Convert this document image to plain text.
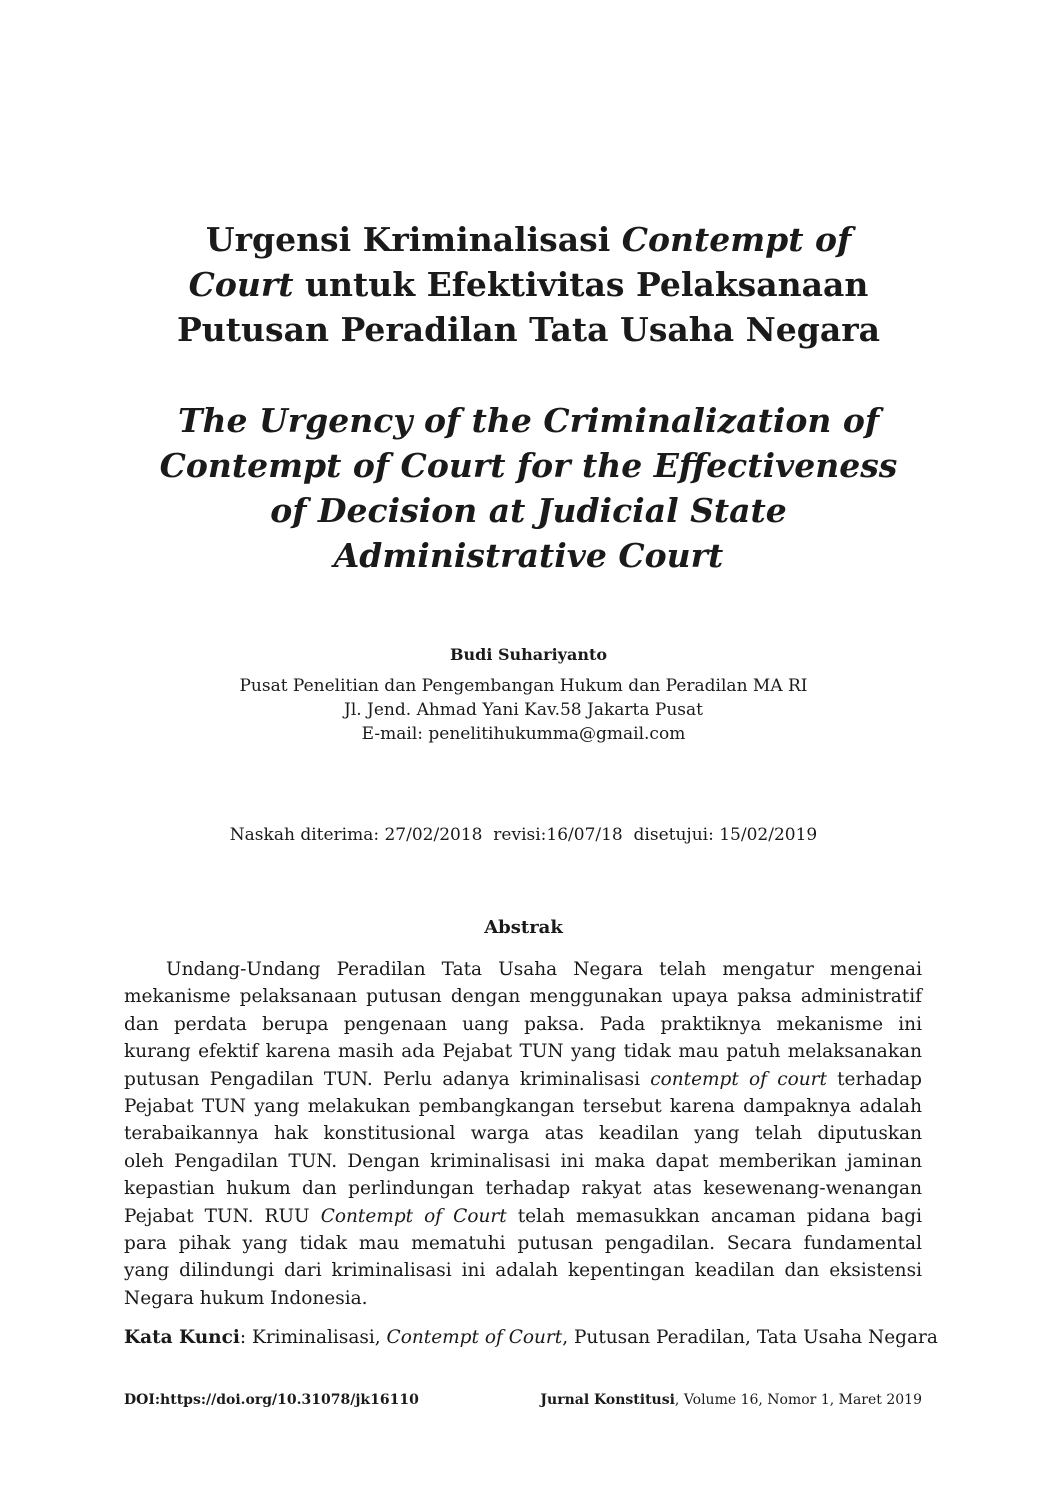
Urgensi Kriminalisasi Contempt of
Court untuk Efektivitas Pelaksanaan
Putusan Peradilan Tata Usaha Negara
The Urgency of the Criminalization of
Contempt of Court for the Effectiveness
of Decision at Judicial State
Administrative Court
Budi Suhariyanto
Pusat Penelitian dan Pengembangan Hukum dan Peradilan MA RI
Jl. Jend. Ahmad Yani Kav.58 Jakarta Pusat
E-mail: penelitihukumma@gmail.com
Naskah diterima: 27/02/2018  revisi:16/07/18  disetujui: 15/02/2019
Abstrak
Undang-Undang Peradilan Tata Usaha Negara telah mengatur mengenai
mekanisme pelaksanaan putusan dengan menggunakan upaya paksa administratif
dan perdata berupa pengenaan uang paksa. Pada praktiknya mekanisme ini
kurang efektif karena masih ada Pejabat TUN yang tidak mau patuh melaksanakan
putusan Pengadilan TUN. Perlu adanya kriminalisasi contempt of court terhadap
Pejabat TUN yang melakukan pembangkangan tersebut karena dampaknya adalah
terabaikannya hak konstitusional warga atas keadilan yang telah diputuskan
oleh Pengadilan TUN. Dengan kriminalisasi ini maka dapat memberikan jaminan
kepastian hukum dan perlindungan terhadap rakyat atas kesewenang-wenangan
Pejabat TUN. RUU Contempt of Court telah memasukkan ancaman pidana bagi
para pihak yang tidak mau mematuhi putusan pengadilan. Secara fundamental
yang dilindungi dari kriminalisasi ini adalah kepentingan keadilan dan eksistensi
Negara hukum Indonesia.
Kata Kunci: Kriminalisasi, Contempt of Court, Putusan Peradilan, Tata Usaha Negara
DOI:https://doi.org/10.31078/jk16110	Jurnal Konstitusi, Volume 16, Nomor 1, Maret 2019
